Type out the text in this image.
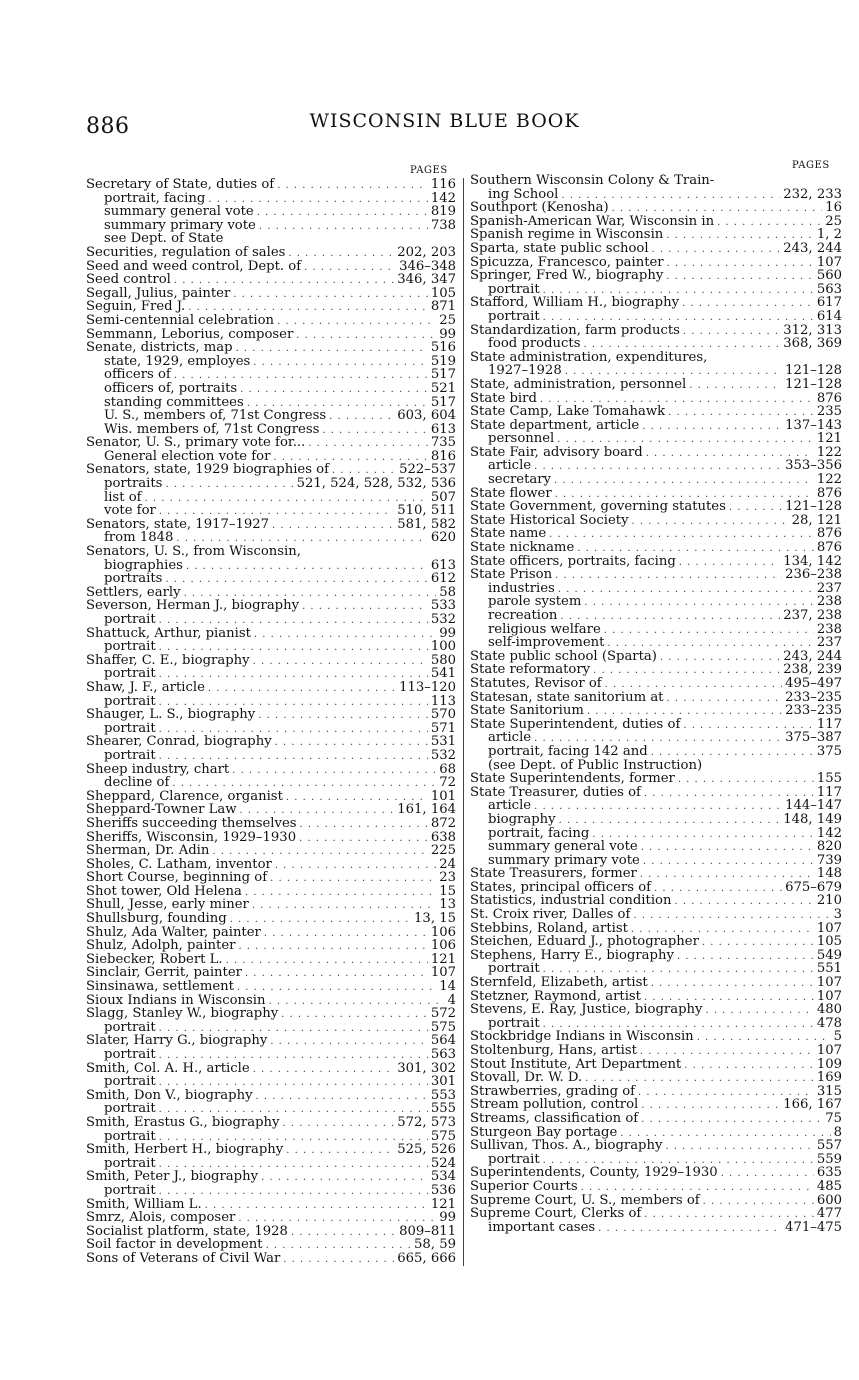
886	WISCONSIN BLUE BOOK
PAGES	PAGES
Secretary of State, duties of . . .	116
portrait, facing . . .	142
summary general vote . . .	819
summary primary vote . . .	738
see Dept. of State
Securities, regulation of sales . . .	202, 203
Seed and weed control, Dept. of . . .	346–348
Seed control . . .	346, 347
Segall, Julius, painter . . .	105
Seguin, Fred J. . . .	871
Semi-centennial celebration . . .	25
Semmann, Leborius, composer . . .	99
Senate, districts, map . . .	516
state, 1929, employes . . .	519
officers of . . .	517
officers of, portraits . . .	521
standing committees . . .	517
U. S., members of, 71st Congress . . .	603, 604
Wis. members of, 71st Congress . . .	613
Senator, U. S., primary vote for... . . .	735
General election vote for . . .	816
Senators, state, 1929 biographies of . . .	522–537
portraits . . .	521, 524, 528, 532, 536
list of . . .	507
vote for . . .	510, 511
Senators, state, 1917–1927 . . .	581, 582
from 1848 . . .	620
Senators, U. S., from Wisconsin,
biographies . . .	613
portraits . . .	612
Settlers, early . . .	58
Severson, Herman J., biography . . .	533
portrait . . .	532
Shattuck, Arthur, pianist . . .	99
portrait . . .	100
Shaffer, C. E., biography . . .	580
portrait . . .	541
Shaw, J. F., article . . .	113–120
portrait . . .	113
Shauger, L. S., biography . . .	570
portrait . . .	571
Shearer, Conrad, biography . . .	531
portrait . . .	532
Sheep industry, chart . . .	68
decline of . . .	72
Sheppard, Clarence, organist . . .	101
Sheppard-Towner Law . . .	161, 164
Sheriffs succeeding themselves . . .	872
Sheriffs, Wisconsin, 1929–1930 . . .	638
Sherman, Dr. Adin . . .	225
Sholes, C. Latham, inventor . . .	24
Short Course, beginning of . . .	23
Shot tower, Old Helena . . .	15
Shull, Jesse, early miner . . .	13
Shullsburg, founding . . .	13, 15
Shulz, Ada Walter, painter . . .	106
Shulz, Adolph, painter . . .	106
Siebecker, Robert L. . . .	121
Sinclair, Gerrit, painter . . .	107
Sinsinawa, settlement . . .	14
Sioux Indians in Wisconsin . . .	4
Slagg, Stanley W., biography . . .	572
portrait . . .	575
Slater, Harry G., biography . . .	564
portrait . . .	563
Smith, Col. A. H., article . . .	301, 302
portrait . . .	301
Smith, Don V., biography . . .	553
portrait . . .	555
Smith, Erastus G., biography . . .	572, 573
portrait . . .	575
Smith, Herbert H., biography . . .	525, 526
portrait . . .	524
Smith, Peter J., biography . . .	534
portrait . . .	536
Smith, William L. . . .	121
Smrz, Alois, composer . . .	99
Socialist platform, state, 1928 . . .	809–811
Soil factor in development . . .	58, 59
Sons of Veterans of Civil War . . .	665, 666
Southern Wisconsin Colony & Train-
ing School . . .	232, 233
Southport (Kenosha) . . .	16
Spanish-American War, Wisconsin in . . .	25
Spanish regime in Wisconsin . . .	1, 2
Sparta, state public school . . .	243, 244
Spicuzza, Francesco, painter . . .	107
Springer, Fred W., biography . . .	560
portrait . . .	563
Stafford, William H., biography . . .	617
portrait . . .	614
Standardization, farm products . . .	312, 313
food products . . .	368, 369
State administration, expenditures,
1927–1928 . . .	121–128
State, administration, personnel . . .	121–128
State bird . . .	876
State Camp, Lake Tomahawk . . .	235
State department, article . . .	137–143
personnel . . .	121
State Fair, advisory board . . .	122
article . . .	353–356
secretary . . .	122
State flower . . .	876
State Government, governing statutes . . .	121–128
State Historical Society . . .	28, 121
State name . . .	876
State nickname . . .	876
State officers, portraits, facing . . .	134, 142
State Prison . . .	236–238
industries . . .	237
parole system . . .	238
recreation . . .	237, 238
religious welfare . . .	238
self-improvement . . .	237
State public school (Sparta) . . .	243, 244
State reformatory . . .	238, 239
Statutes, Revisor of . . .	495–497
Statesan, state sanitorium at . . .	233–235
State Sanitorium . . .	233–235
State Superintendent, duties of . . .	117
article . . .	375–387
portrait, facing 142 and . . .	375
(see Dept. of Public Instruction)
State Superintendents, former . . .	155
State Treasurer, duties of . . .	117
article . . .	144–147
biography . . .	148, 149
portrait, facing . . .	142
summary general vote . . .	820
summary primary vote . . .	739
State Treasurers, former . . .	148
States, principal officers of . . .	675–679
Statistics, industrial condition . . .	210
St. Croix river, Dalles of . . .	3
Stebbins, Roland, artist . . .	107
Steichen, Eduard J., photographer . . .	105
Stephens, Harry E., biography . . .	549
portrait . . .	551
Sternfeld, Elizabeth, artist . . .	107
Stetzner, Raymond, artist . . .	107
Stevens, E. Ray, Justice, biography . . .	480
portrait . . .	478
Stockbridge Indians in Wisconsin . . .	5
Stoltenburg, Hans, artist . . .	107
Stout Institute, Art Department . . .	109
Stovall, Dr. W. D. . . .	169
Strawberries, grading of . . .	315
Stream pollution, control . . .	166, 167
Streams, classification of . . .	75
Sturgeon Bay portage . . .	8
Sullivan, Thos. A., biography . . .	557
portrait . . .	559
Superintendents, County, 1929–1930 . . .	635
Superior Courts . . .	485
Supreme Court, U. S., members of . . .	600
Supreme Court, Clerks of . . .	477
important cases . . .	471–475
